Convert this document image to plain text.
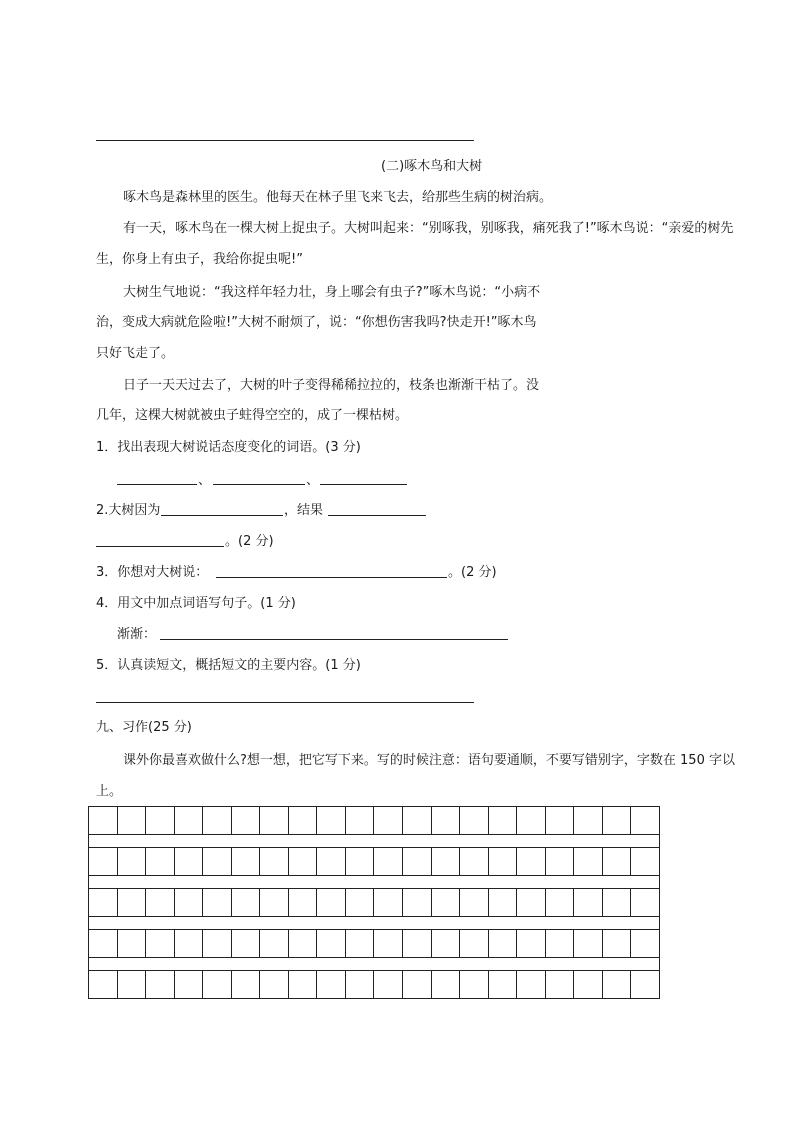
(二)啄木鸟和大树
啄木鸟是森林里的医生。他每天在林子里飞来飞去，给那些生病的树治病。
有一天，啄木鸟在一棵大树上捉虫子。大树叫起来：“别啄我，别啄我，痛死我了!”啄木鸟说：“亲爱的树先
生，你身上有虫子，我给你捉虫呢!”
大树生气地说：“我这样年轻力壮，身上哪会有虫子?”啄木鸟说：“小病不
治，变成大病就危险啦!”大树不耐烦了，说：“你想伤害我吗?快走开!”啄木鸟
只好飞走了。
日子一天天过去了，大树的叶子变得稀稀拉拉的，枝条也渐渐干枯了。没
几年，这棵大树就被虫子蛀得空空的，成了一棵枯树。
1．找出表现大树说话态度变化的词语。(3 分)
、	、
2.大树因为	，结果
。(2 分)
3．你想对大树说：	。(2 分)
4．用文中加点词语写句子。(1 分)
渐渐：
5．认真读短文，概括短文的主要内容。(1 分)
九、习作(25 分)
课外你最喜欢做什么?想一想，把它写下来。写的时候注意：语句要通顺，不要写错别字，字数在 150 字以
上。
